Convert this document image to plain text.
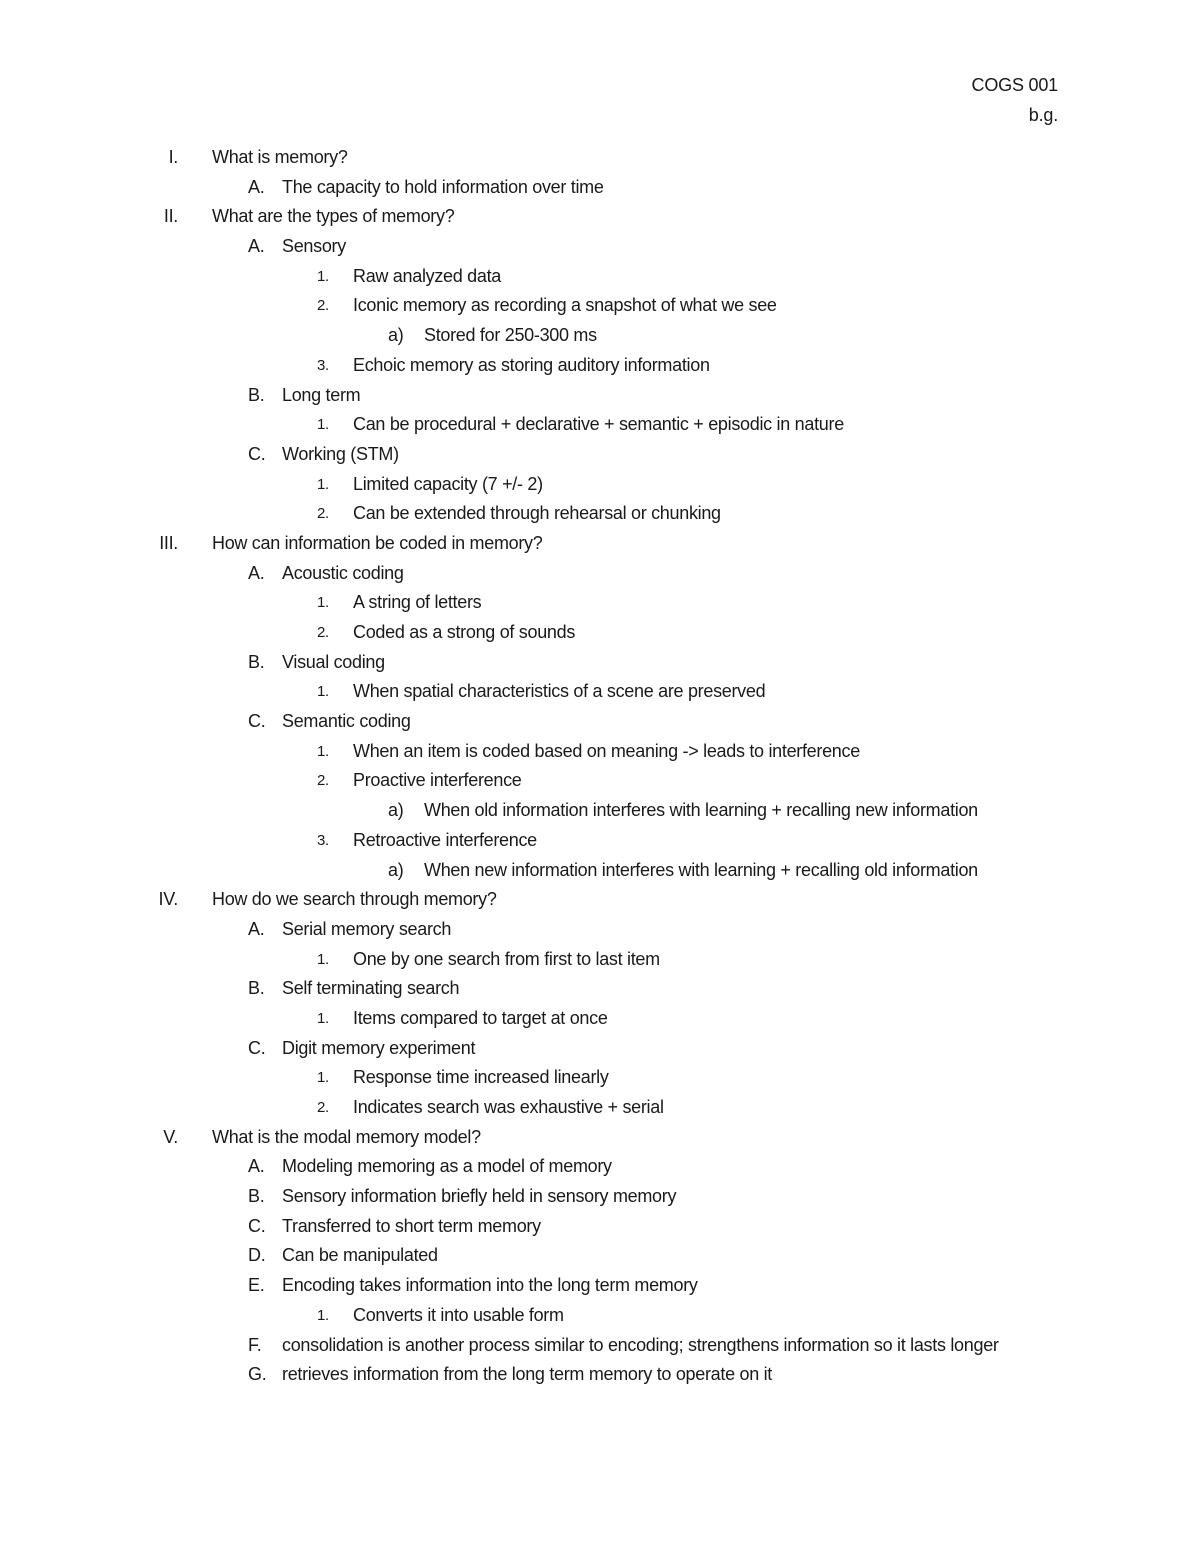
COGS 001
b.g.
I. What is memory?
A. The capacity to hold information over time
II. What are the types of memory?
A. Sensory
1. Raw analyzed data
2. Iconic memory as recording a snapshot of what we see
a) Stored for 250-300 ms
3. Echoic memory as storing auditory information
B. Long term
1. Can be procedural + declarative + semantic + episodic in nature
C. Working (STM)
1. Limited capacity (7 +/- 2)
2. Can be extended through rehearsal or chunking
III. How can information be coded in memory?
A. Acoustic coding
1. A string of letters
2. Coded as a strong of sounds
B. Visual coding
1. When spatial characteristics of a scene are preserved
C. Semantic coding
1. When an item is coded based on meaning -> leads to interference
2. Proactive interference
a) When old information interferes with learning + recalling new information
3. Retroactive interference
a) When new information interferes with learning + recalling old information
IV. How do we search through memory?
A. Serial memory search
1. One by one search from first to last item
B. Self terminating search
1. Items compared to target at once
C. Digit memory experiment
1. Response time increased linearly
2. Indicates search was exhaustive + serial
V. What is the modal memory model?
A. Modeling memoring as a model of memory
B. Sensory information briefly held in sensory memory
C. Transferred to short term memory
D. Can be manipulated
E. Encoding takes information into the long term memory
1. Converts it into usable form
F. consolidation is another process similar to encoding; strengthens information so it lasts longer
G. retrieves information from the long term memory to operate on it
